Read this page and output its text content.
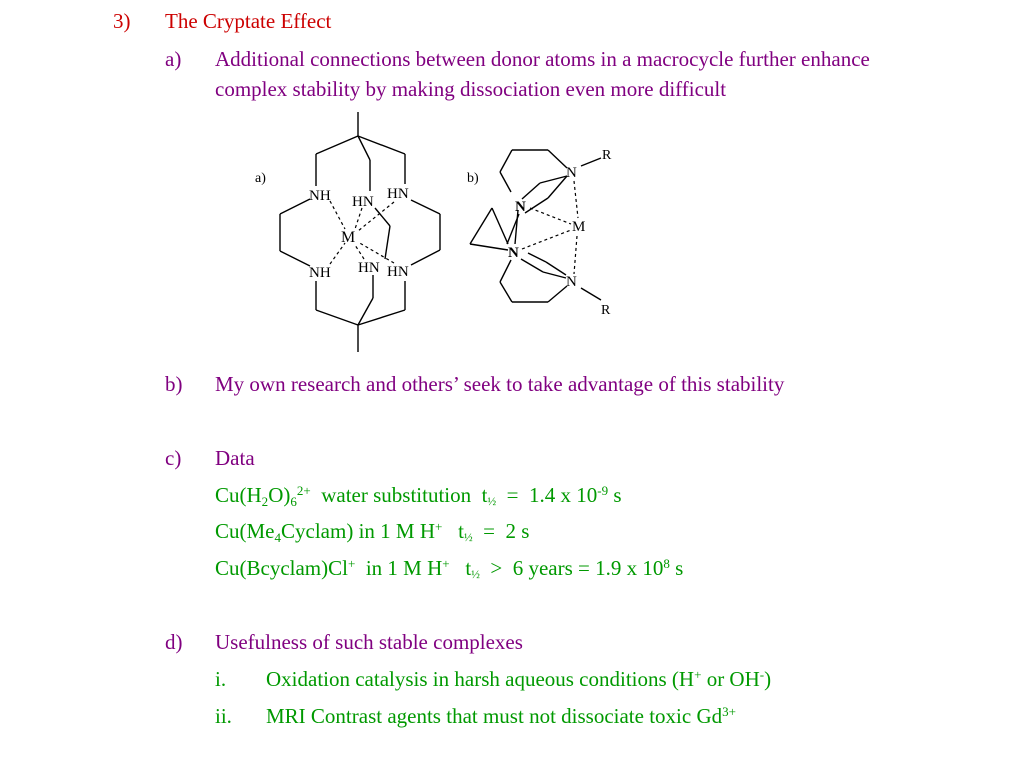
3) The Cryptate Effect
a) Additional connections between donor atoms in a macrocycle further enhance
complex stability by making dissociation even more difficult
a)
NH HN HN
M
NH HN HN
b)	N
R
N
M
N
N
R
b) My own research and others’ seek to take advantage of this stability
c) Data
$Cu(H_2O)_6^{2+}$  water substitution  t½  =  1.4 x $10^{-9}$ s
$Cu(Me_4Cyclam)$ in 1 M H+   t½  =  2 s
Cu(Bcyclam)Cl+  in 1 M H+   t½  >  6 years = 1.9 x $10^8$ s
d) Usefulness of such stable complexes
i. Oxidation catalysis in harsh aqueous conditions (H+ or OH-)
ii. MRI Contrast agents that must not dissociate toxic $Gd^{3+}$
